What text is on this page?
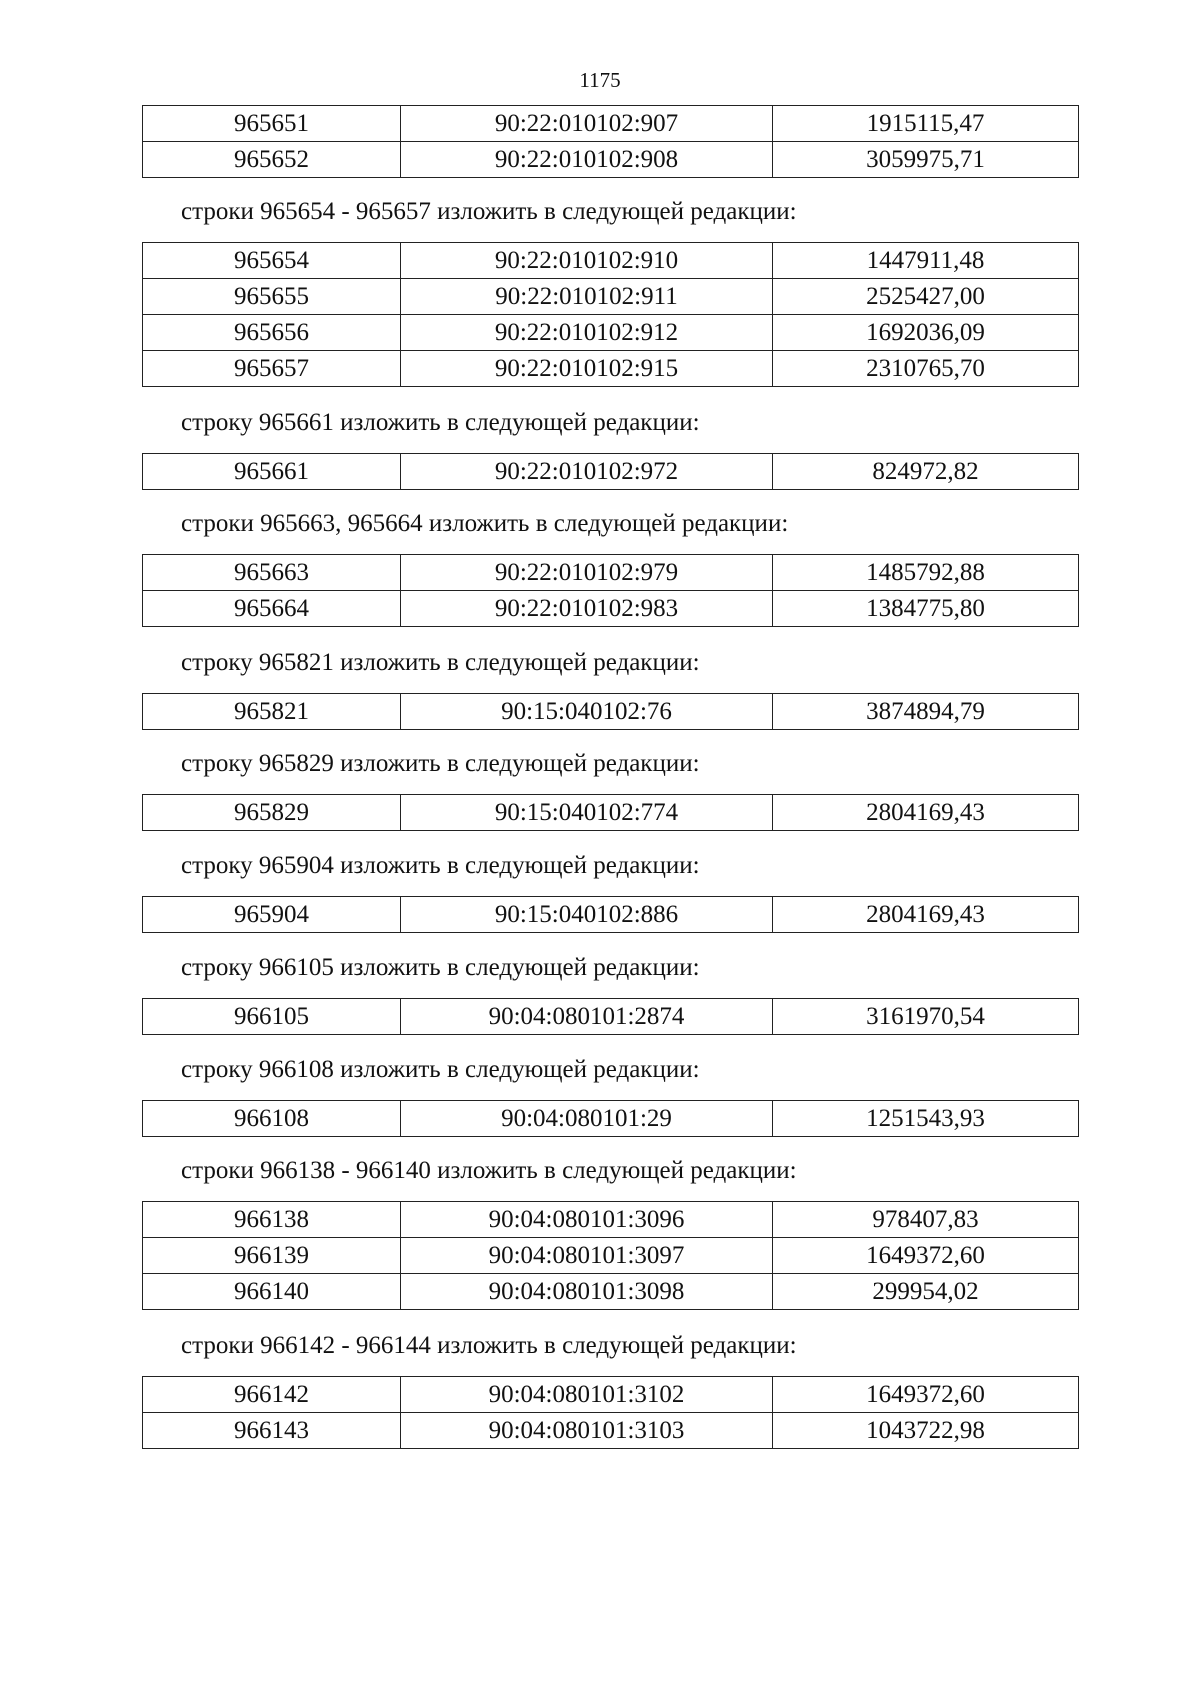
1175
965651	90:22:010102:907	1915115,47
965652	90:22:010102:908	3059975,71
строки 965654 - 965657 изложить в следующей редакции:
965654	90:22:010102:910	1447911,48
965655	90:22:010102:911	2525427,00
965656	90:22:010102:912	1692036,09
965657	90:22:010102:915	2310765,70
строку 965661 изложить в следующей редакции:
965661	90:22:010102:972	824972,82
строки 965663, 965664 изложить в следующей редакции:
965663	90:22:010102:979	1485792,88
965664	90:22:010102:983	1384775,80
строку 965821 изложить в следующей редакции:
965821	90:15:040102:76	3874894,79
строку 965829 изложить в следующей редакции:
965829	90:15:040102:774	2804169,43
строку 965904 изложить в следующей редакции:
965904	90:15:040102:886	2804169,43
строку 966105 изложить в следующей редакции:
966105	90:04:080101:2874	3161970,54
строку 966108 изложить в следующей редакции:
966108	90:04:080101:29	1251543,93
строки 966138 - 966140 изложить в следующей редакции:
966138	90:04:080101:3096	978407,83
966139	90:04:080101:3097	1649372,60
966140	90:04:080101:3098	299954,02
строки 966142 - 966144 изложить в следующей редакции:
966142	90:04:080101:3102	1649372,60
966143	90:04:080101:3103	1043722,98
